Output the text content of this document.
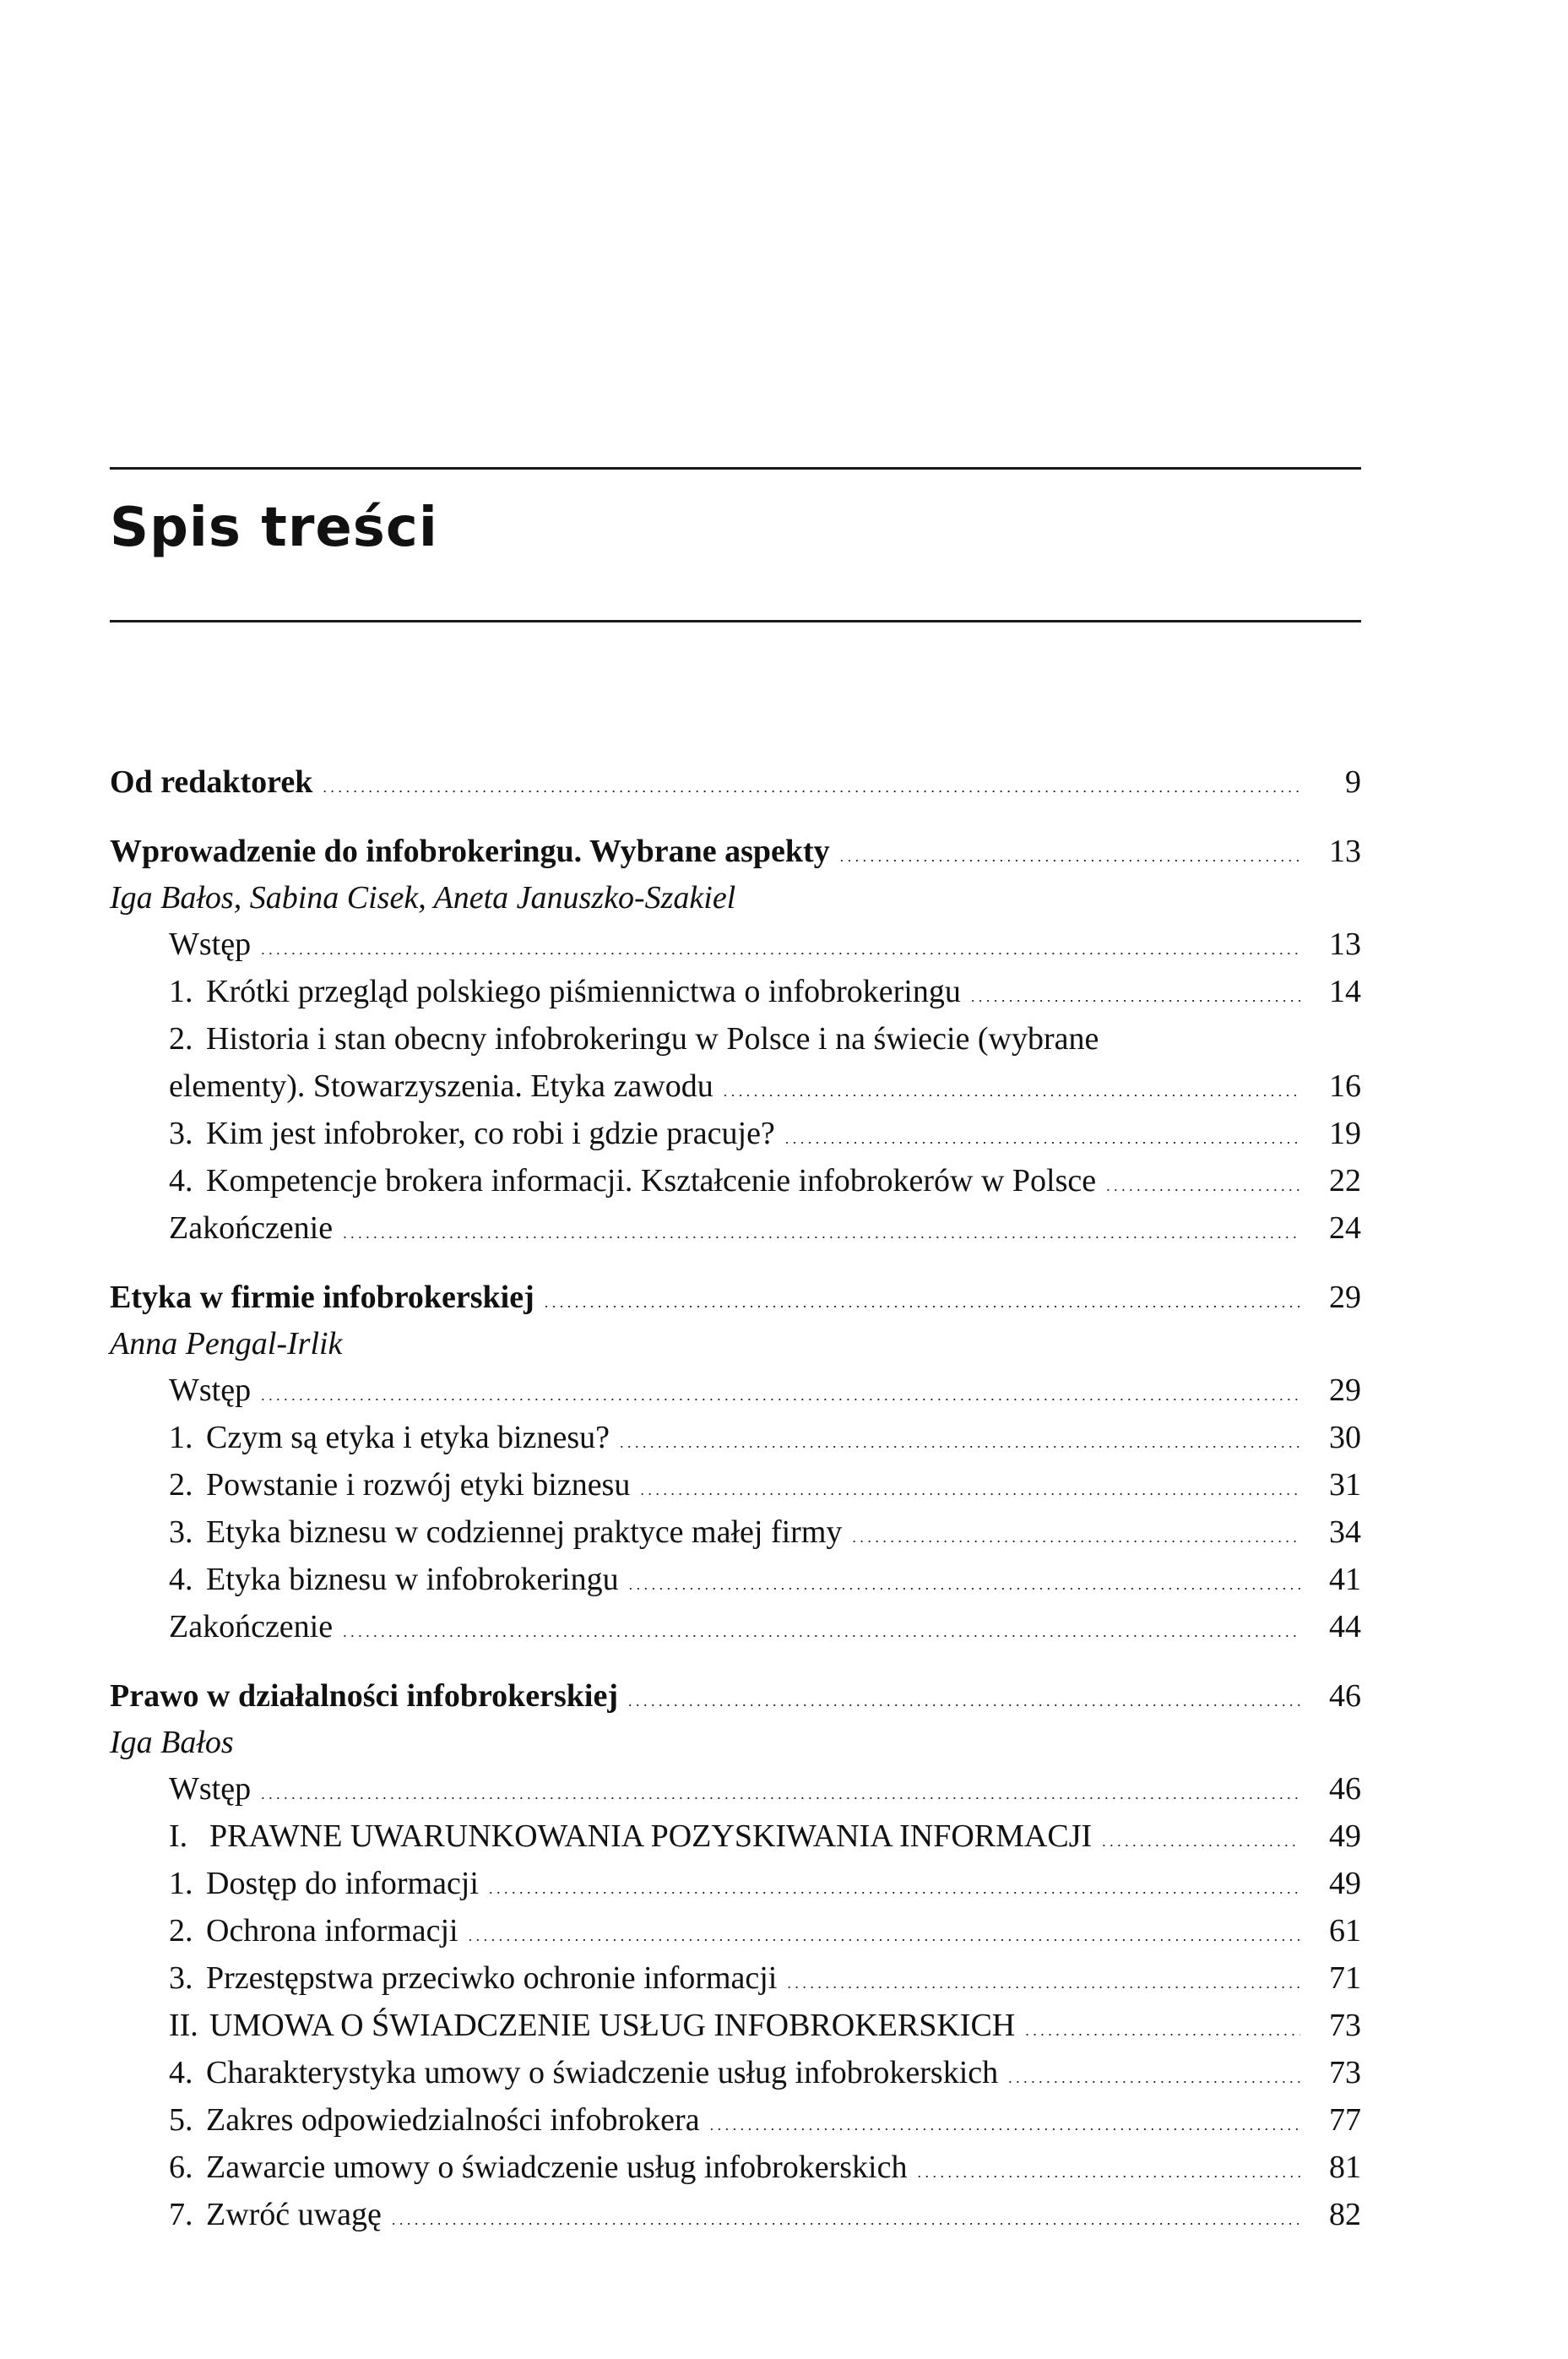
Spis treści
Od redaktorek . . .	9
Wprowadzenie do infobrokeringu. Wybrane aspekty . . .	13
Iga Bałos, Sabina Cisek, Aneta Januszko-Szakiel
Wstęp . . .	13
1. Krótki przegląd polskiego piśmiennictwa o infobrokeringu . . .	14
2. Historia i stan obecny infobrokeringu w Polsce i na świecie (wybrane
elementy). Stowarzyszenia. Etyka zawodu . . .	16
3. Kim jest infobroker, co robi i gdzie pracuje? . . .	19
4. Kompetencje brokera informacji. Kształcenie infobrokerów w Polsce . . .	22
Zakończenie . . .	24
Etyka w firmie infobrokerskiej . . .	29
Anna Pengal-Irlik
Wstęp . . .	29
1. Czym są etyka i etyka biznesu? . . .	30
2. Powstanie i rozwój etyki biznesu . . .	31
3. Etyka biznesu w codziennej praktyce małej firmy . . .	34
4. Etyka biznesu w infobrokeringu . . .	41
Zakończenie . . .	44
Prawo w działalności infobrokerskiej . . .	46
Iga Bałos
Wstęp . . .	46
I. PRAWNE UWARUNKOWANIA POZYSKIWANIA INFORMACJI . . .	49
1. Dostęp do informacji . . .	49
2. Ochrona informacji . . .	61
3. Przestępstwa przeciwko ochronie informacji . . .	71
II. UMOWA O ŚWIADCZENIE USŁUG INFOBROKERSKICH . . .	73
4. Charakterystyka umowy o świadczenie usług infobrokerskich . . .	73
5. Zakres odpowiedzialności infobrokera . . .	77
6. Zawarcie umowy o świadczenie usług infobrokerskich . . .	81
7. Zwróć uwagę . . .	82
